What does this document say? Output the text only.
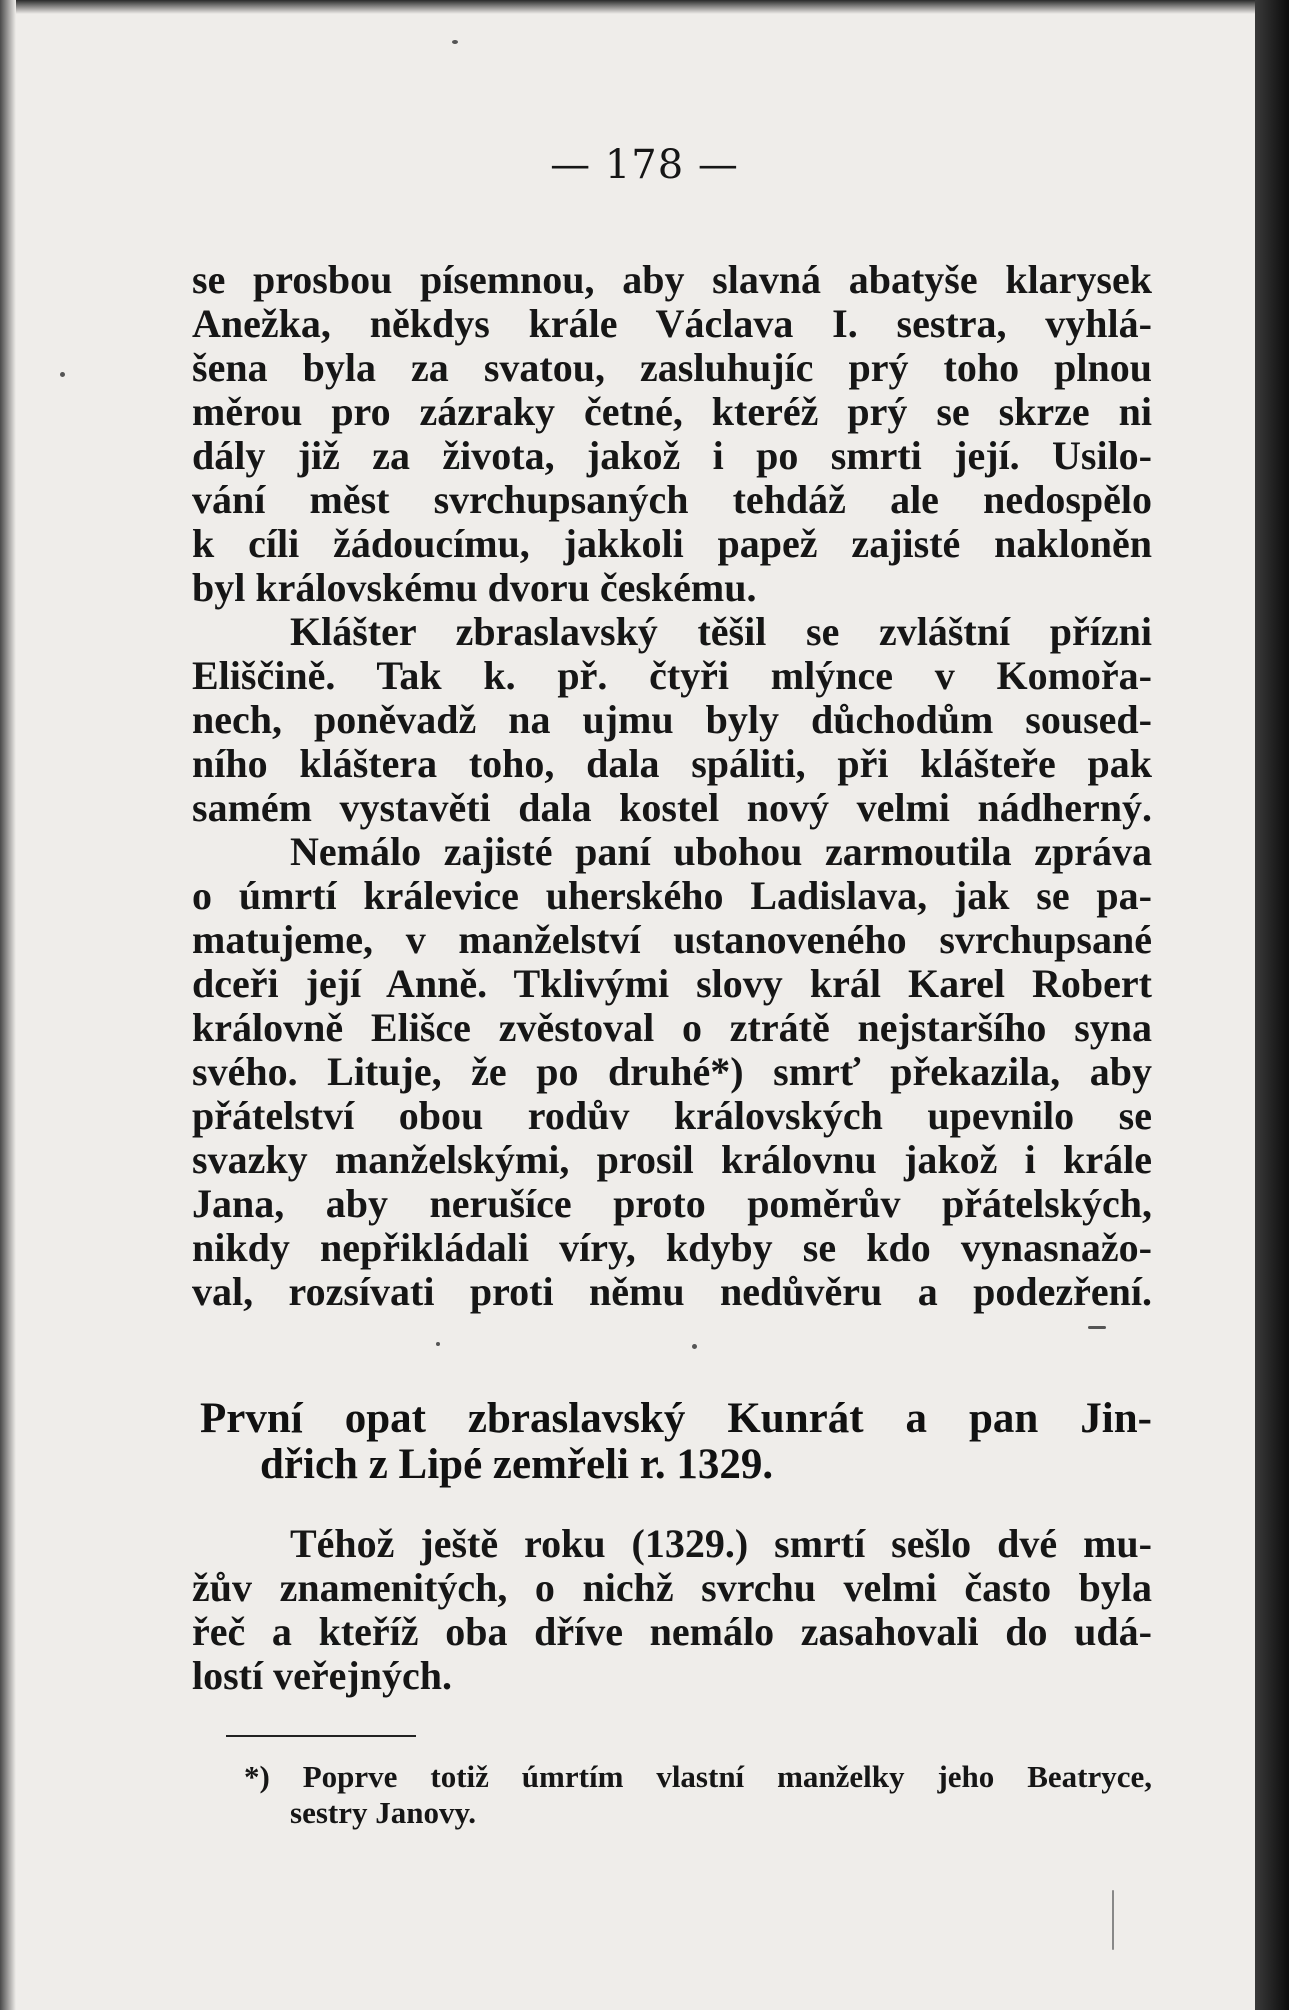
— 178 —
se prosbou písemnou, aby slavná abatyše klarysek
Anežka, někdys krále Václava I. sestra, vyhlá-
šena byla za svatou, zasluhujíc prý toho plnou
měrou pro zázraky četné, kteréž prý se skrze ni
dály již za života, jakož i po smrti její. Usilo-
vání měst svrchupsaných tehdáž ale nedospělo
k cíli žádoucímu, jakkoli papež zajisté nakloněn
byl královskému dvoru českému.
Klášter zbraslavský těšil se zvláštní přízni
Eliščině. Tak k. př. čtyři mlýnce v Komořa-
nech, poněvadž na ujmu byly důchodům soused-
ního kláštera toho, dala spáliti, při klášteře pak
samém vystavěti dala kostel nový velmi nádherný.
Nemálo zajisté paní ubohou zarmoutila zpráva
o úmrtí králevice uherského Ladislava, jak se pa-
matujeme, v manželství ustanoveného svrchupsané
dceři její Anně. Tklivými slovy král Karel Robert
královně Elišce zvěstoval o ztrátě nejstaršího syna
svého. Lituje, že po druhé*) smrť překazila, aby
přátelství obou rodův královských upevnilo se
svazky manželskými, prosil královnu jakož i krále
Jana, aby nerušíce proto poměrův přátelských,
nikdy nepřikládali víry, kdyby se kdo vynasnažo-
val, rozsívati proti němu nedůvěru a podezření.
První opat zbraslavský Kunrát a pan Jin-
dřich z Lipé zemřeli r. 1329.
Téhož ještě roku (1329.) smrtí sešlo dvé mu-
žův znamenitých, o nichž svrchu velmi často byla
řeč a kteříž oba dříve nemálo zasahovali do udá-
lostí veřejných.
*) Poprve totiž úmrtím vlastní manželky jeho Beatryce,
sestry Janovy.
